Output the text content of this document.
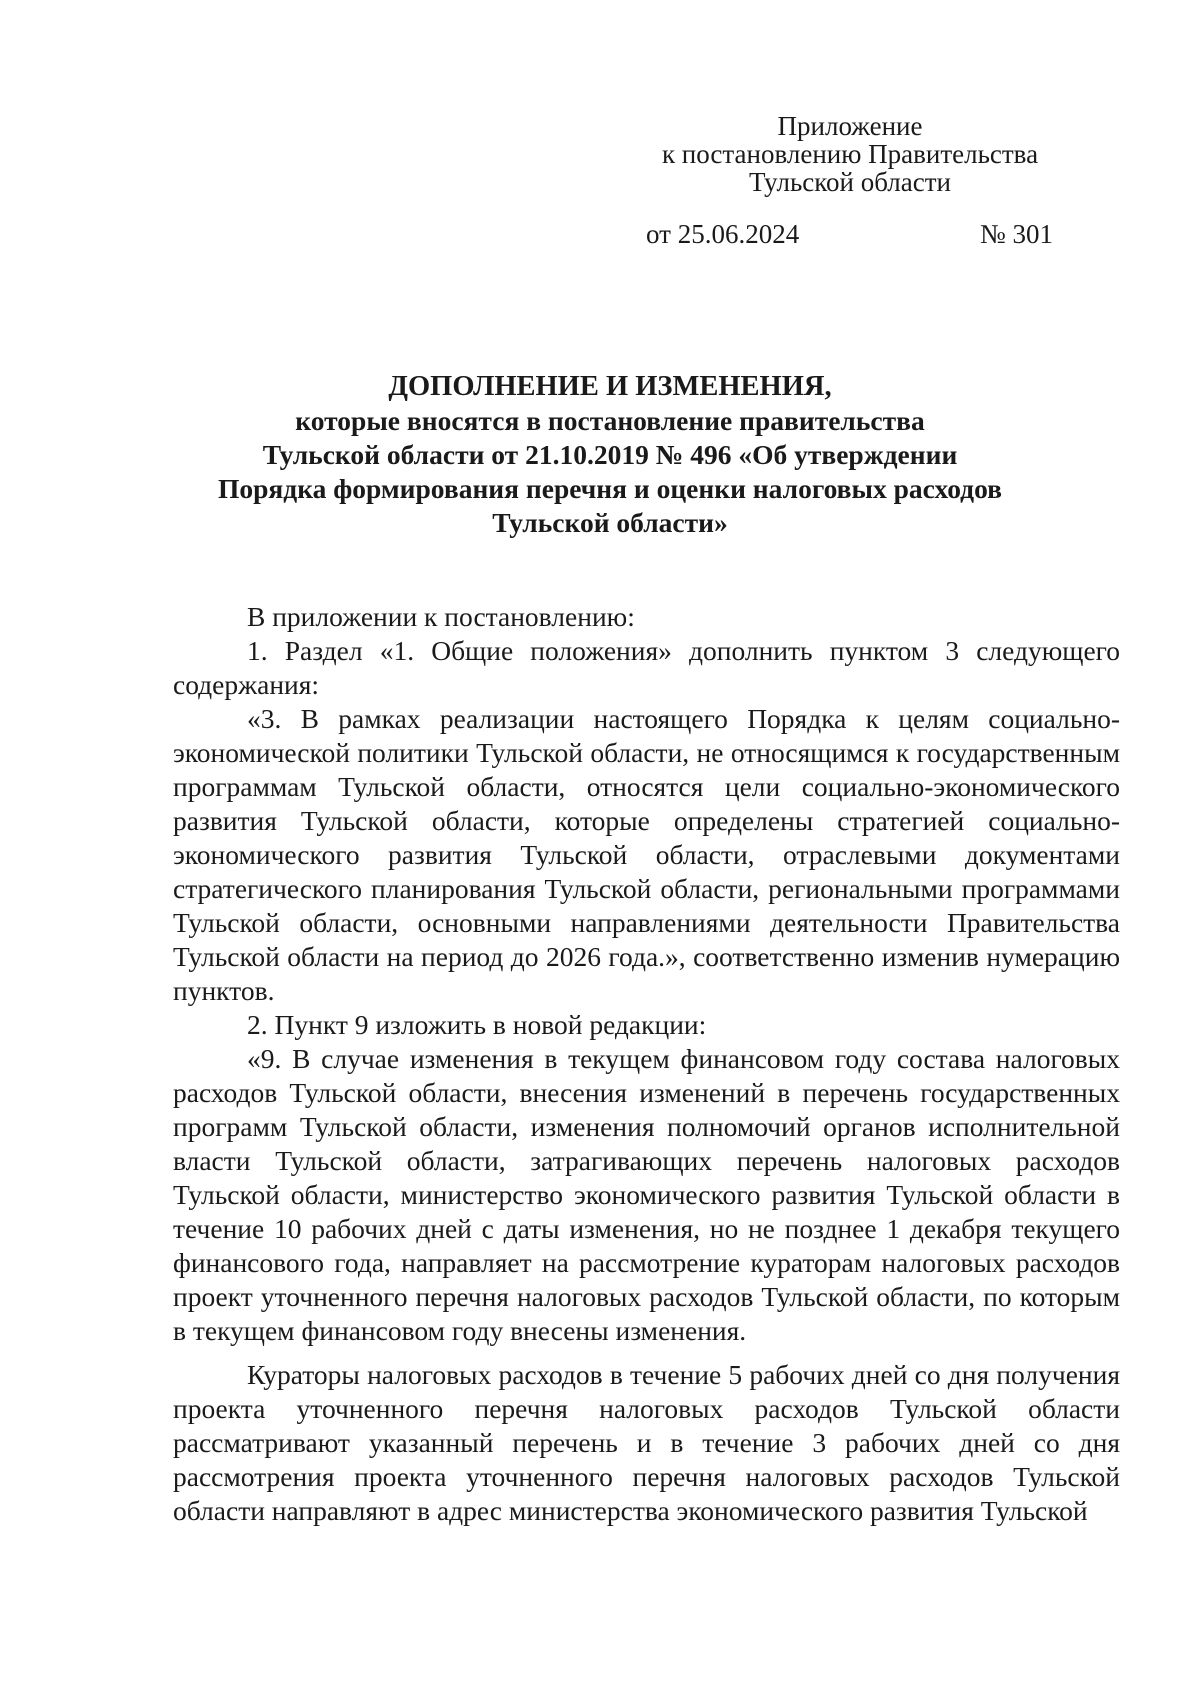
Приложение
к постановлению Правительства
Тульской области
от 25.06.2024	№ 301
ДОПОЛНЕНИЕ И ИЗМЕНЕНИЯ,
которые вносятся в постановление правительства
Тульской области от 21.10.2019 № 496 «Об утверждении
Порядка формирования перечня и оценки налоговых расходов
Тульской области»

В приложении к постановлению:

1. Раздел «1. Общие положения» дополнить пунктом 3 следующего содержания:

«3. В рамках реализации настоящего Порядка к целям социально-экономической политики Тульской области, не относящимся к государственным программам Тульской области, относятся цели социально-экономического развития Тульской области, которые определены стратегией социально-экономического развития Тульской области, отраслевыми документами стратегического планирования Тульской области, региональными программами Тульской области, основными направлениями деятельности Правительства Тульской области на период до 2026 года.», соответственно изменив нумерацию пунктов.

2. Пункт 9 изложить в новой редакции:

«9. В случае изменения в текущем финансовом году состава налоговых расходов Тульской области, внесения изменений в перечень государственных программ Тульской области, изменения полномочий органов исполнительной власти Тульской области, затрагивающих перечень налоговых расходов Тульской области, министерство экономического развития Тульской области в течение 10 рабочих дней с даты изменения, но не позднее 1 декабря текущего финансового года, направляет на рассмотрение кураторам налоговых расходов проект уточненного перечня налоговых расходов Тульской области, по которым в текущем финансовом году внесены изменения.

Кураторы налоговых расходов в течение 5 рабочих дней со дня получения проекта уточненного перечня налоговых расходов Тульской области рассматривают указанный перечень и в течение 3 рабочих дней со дня рассмотрения проекта уточненного перечня налоговых расходов Тульской области направляют в адрес министерства экономического развития Тульской
